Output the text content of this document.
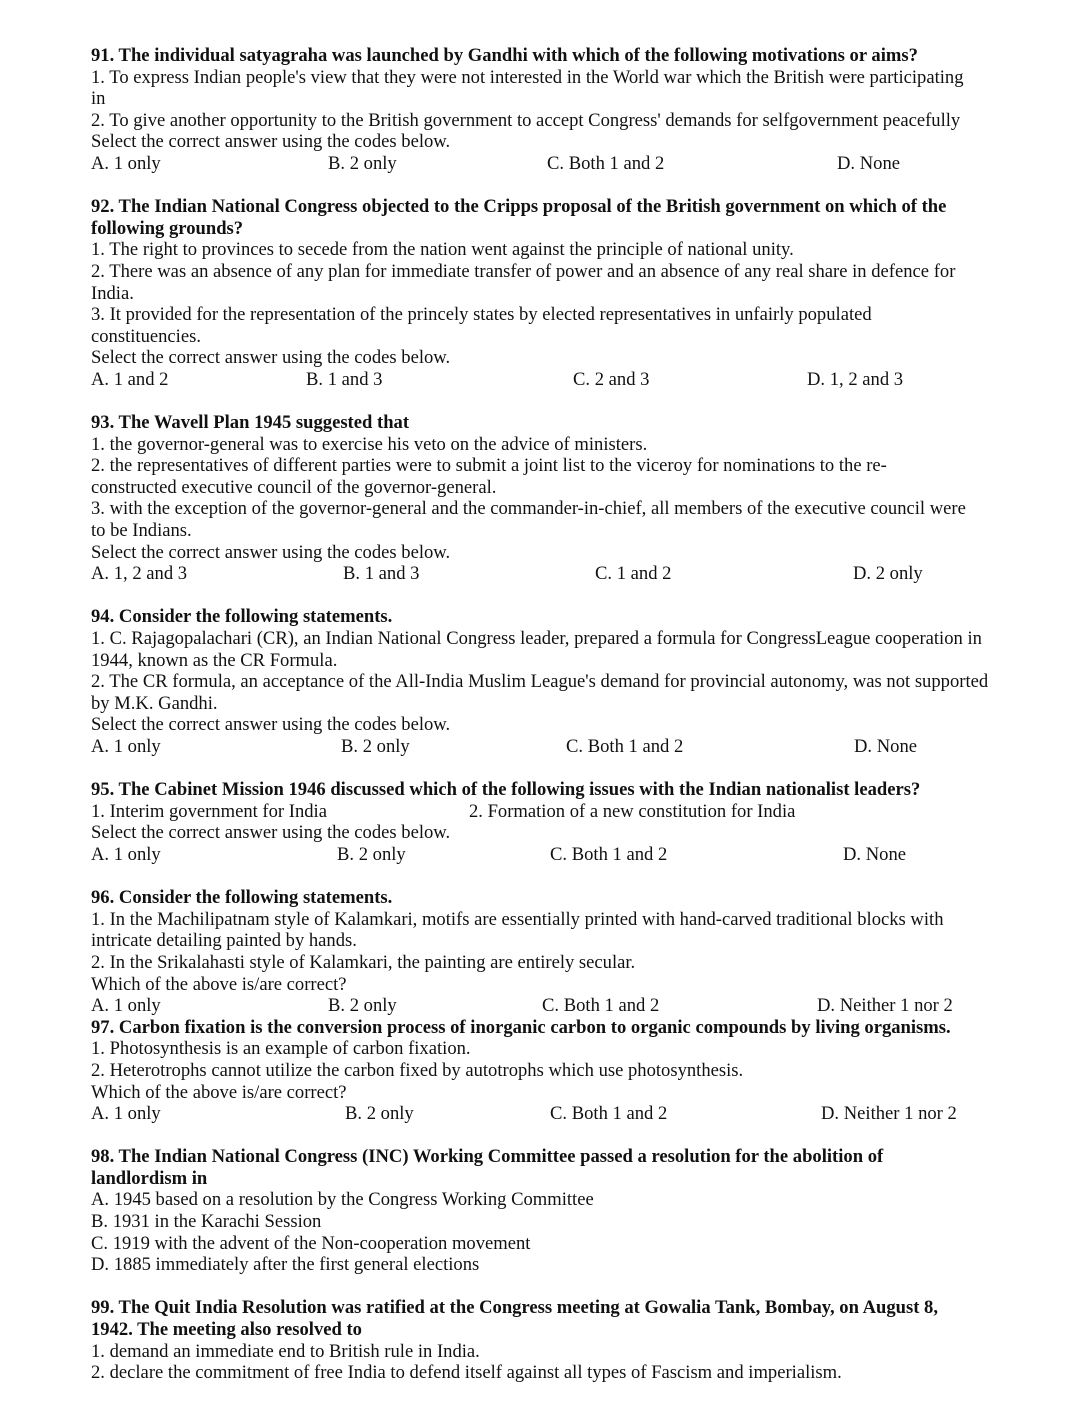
91. The individual satyagraha was launched by Gandhi with which of the following motivations or aims?
1. To express Indian people's view that they were not interested in the World war which the British were participating
in
2. To give another opportunity to the British government to accept Congress' demands for selfgovernment peacefully
Select the correct answer using the codes below.
A. 1 only	B. 2 only	C. Both 1 and 2	D. None
92. The Indian National Congress objected to the Cripps proposal of the British government on which of the
following grounds?
1. The right to provinces to secede from the nation went against the principle of national unity.
2. There was an absence of any plan for immediate transfer of power and an absence of any real share in defence for
India.
3. It provided for the representation of the princely states by elected representatives in unfairly populated
constituencies.
Select the correct answer using the codes below.
A. 1 and 2	B. 1 and 3	C. 2 and 3	D. 1, 2 and 3
93. The Wavell Plan 1945 suggested that
1. the governor-general was to exercise his veto on the advice of ministers.
2. the representatives of different parties were to submit a joint list to the viceroy for nominations to the re-
constructed executive council of the governor-general.
3. with the exception of the governor-general and the commander-in-chief, all members of the executive council were
to be Indians.
Select the correct answer using the codes below.
A. 1, 2 and 3	B. 1 and 3	C. 1 and 2	D. 2 only
94. Consider the following statements.
1. C. Rajagopalachari (CR), an Indian National Congress leader, prepared a formula for CongressLeague cooperation in
1944, known as the CR Formula.
2. The CR formula, an acceptance of the All-India Muslim League's demand for provincial autonomy, was not supported
by M.K. Gandhi.
Select the correct answer using the codes below.
A. 1 only	B. 2 only	C. Both 1 and 2	D. None
95. The Cabinet Mission 1946 discussed which of the following issues with the Indian nationalist leaders?
1. Interim government for India	2. Formation of a new constitution for India
Select the correct answer using the codes below.
A. 1 only	B. 2 only	C. Both 1 and 2	D. None
96. Consider the following statements.
1. In the Machilipatnam style of Kalamkari, motifs are essentially printed with hand-carved traditional blocks with
intricate detailing painted by hands.
2. In the Srikalahasti style of Kalamkari, the painting are entirely secular.
Which of the above is/are correct?
A. 1 only	B. 2 only	C. Both 1 and 2	D. Neither 1 nor 2
97. Carbon fixation is the conversion process of inorganic carbon to organic compounds by living organisms.
1. Photosynthesis is an example of carbon fixation.
2. Heterotrophs cannot utilize the carbon fixed by autotrophs which use photosynthesis.
Which of the above is/are correct?
A. 1 only	B. 2 only	C. Both 1 and 2	D. Neither 1 nor 2
98. The Indian National Congress (INC) Working Committee passed a resolution for the abolition of
landlordism in
A. 1945 based on a resolution by the Congress Working Committee
B. 1931 in the Karachi Session
C. 1919 with the advent of the Non-cooperation movement
D. 1885 immediately after the first general elections
99. The Quit India Resolution was ratified at the Congress meeting at Gowalia Tank, Bombay, on August 8,
1942. The meeting also resolved to
1. demand an immediate end to British rule in India.
2. declare the commitment of free India to defend itself against all types of Fascism and imperialism.
